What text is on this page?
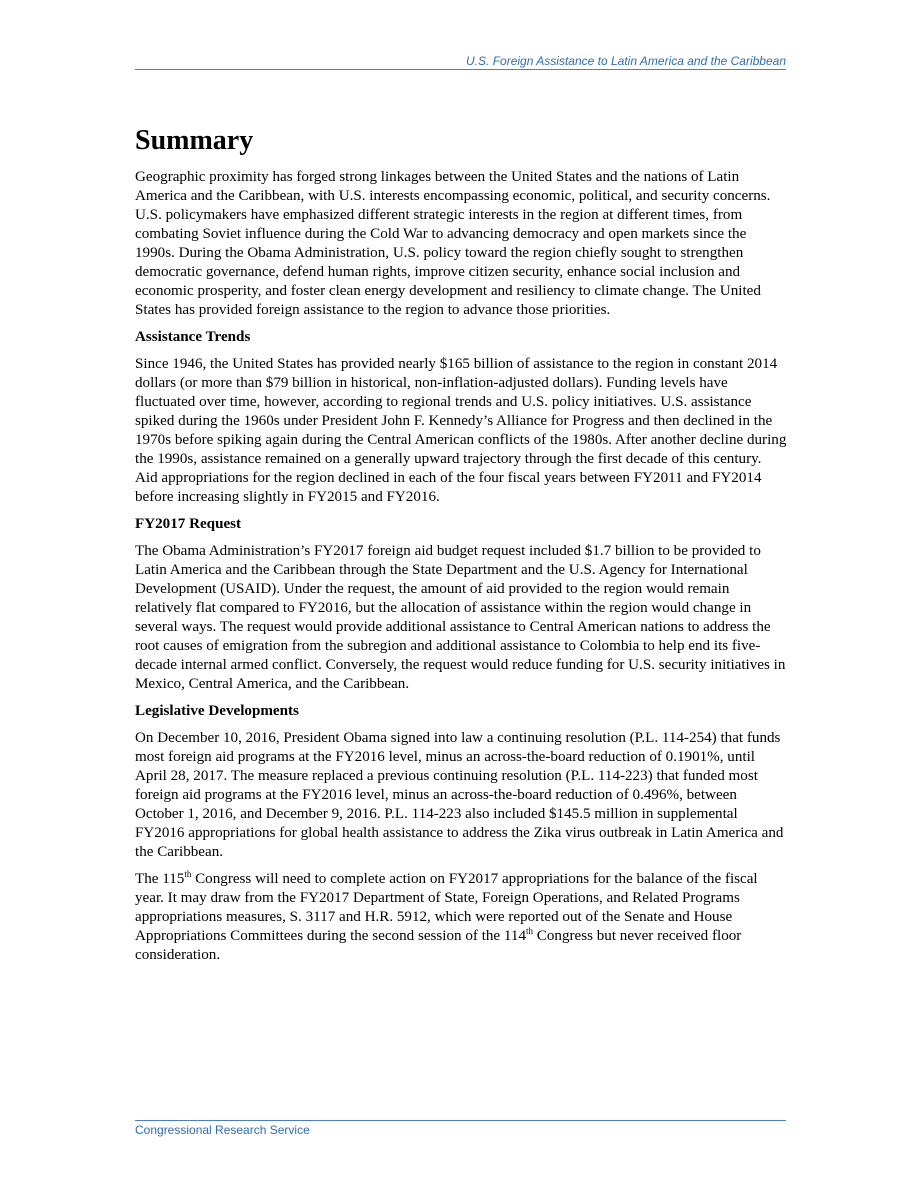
U.S. Foreign Assistance to Latin America and the Caribbean
Summary

Geographic proximity has forged strong linkages between the United States and the nations of Latin America and the Caribbean, with U.S. interests encompassing economic, political, and security concerns. U.S. policymakers have emphasized different strategic interests in the region at different times, from combating Soviet influence during the Cold War to advancing democracy and open markets since the 1990s. During the Obama Administration, U.S. policy toward the region chiefly sought to strengthen democratic governance, defend human rights, improve citizen security, enhance social inclusion and economic prosperity, and foster clean energy development and resiliency to climate change. The United States has provided foreign assistance to the region to advance those priorities.

Assistance Trends

Since 1946, the United States has provided nearly $165 billion of assistance to the region in constant 2014 dollars (or more than $79 billion in historical, non-inflation-adjusted dollars). Funding levels have fluctuated over time, however, according to regional trends and U.S. policy initiatives. U.S. assistance spiked during the 1960s under President John F. Kennedy’s Alliance for Progress and then declined in the 1970s before spiking again during the Central American conflicts of the 1980s. After another decline during the 1990s, assistance remained on a generally upward trajectory through the first decade of this century. Aid appropriations for the region declined in each of the four fiscal years between FY2011 and FY2014 before increasing slightly in FY2015 and FY2016.

FY2017 Request

The Obama Administration’s FY2017 foreign aid budget request included $1.7 billion to be provided to Latin America and the Caribbean through the State Department and the U.S. Agency for International Development (USAID). Under the request, the amount of aid provided to the region would remain relatively flat compared to FY2016, but the allocation of assistance within the region would change in several ways. The request would provide additional assistance to Central American nations to address the root causes of emigration from the subregion and additional assistance to Colombia to help end its five-decade internal armed conflict. Conversely, the request would reduce funding for U.S. security initiatives in Mexico, Central America, and the Caribbean.

Legislative Developments

On December 10, 2016, President Obama signed into law a continuing resolution (P.L. 114-254) that funds most foreign aid programs at the FY2016 level, minus an across-the-board reduction of 0.1901%, until April 28, 2017. The measure replaced a previous continuing resolution (P.L. 114-223) that funded most foreign aid programs at the FY2016 level, minus an across-the-board reduction of 0.496%, between October 1, 2016, and December 9, 2016. P.L. 114-223 also included $145.5 million in supplemental FY2016 appropriations for global health assistance to address the Zika virus outbreak in Latin America and the Caribbean.

The 115th Congress will need to complete action on FY2017 appropriations for the balance of the fiscal year. It may draw from the FY2017 Department of State, Foreign Operations, and Related Programs appropriations measures, S. 3117 and H.R. 5912, which were reported out of the Senate and House Appropriations Committees during the second session of the 114th Congress but never received floor consideration.

Congressional Research Service
